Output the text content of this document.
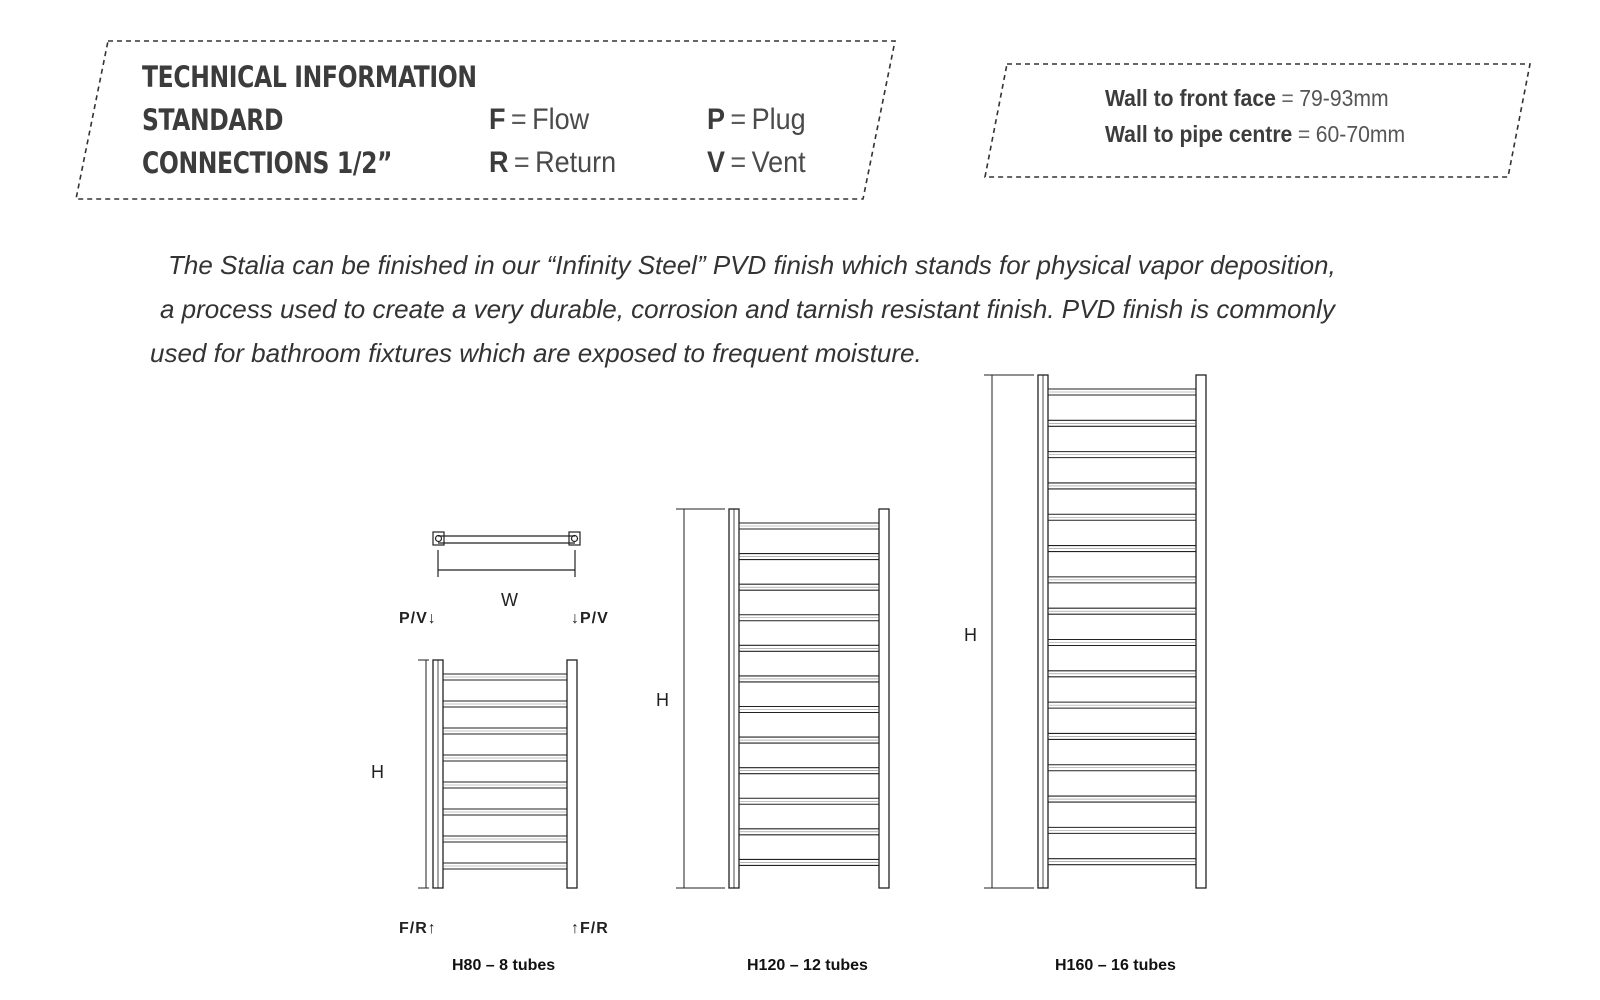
TECHNICAL INFORMATION
STANDARD
CONNECTIONS 1/2”
F = Flow
R = Return
P = Plug
V = Vent
Wall to front face = 79-93mm
Wall to pipe centre = 60-70mm

The Stalia can be finished in our “Infinity Steel” PVD finish which stands for physical vapor deposition,

a process used to create a very durable, corrosion and tarnish resistant finish. PVD finish is commonly

used for bathroom fixtures which are exposed to frequent moisture.

W
P/V↓	↓P/V
F/R↑	↑F/R
H
H
H
H80 – 8 tubes	H120 – 12 tubes	H160 – 16 tubes
